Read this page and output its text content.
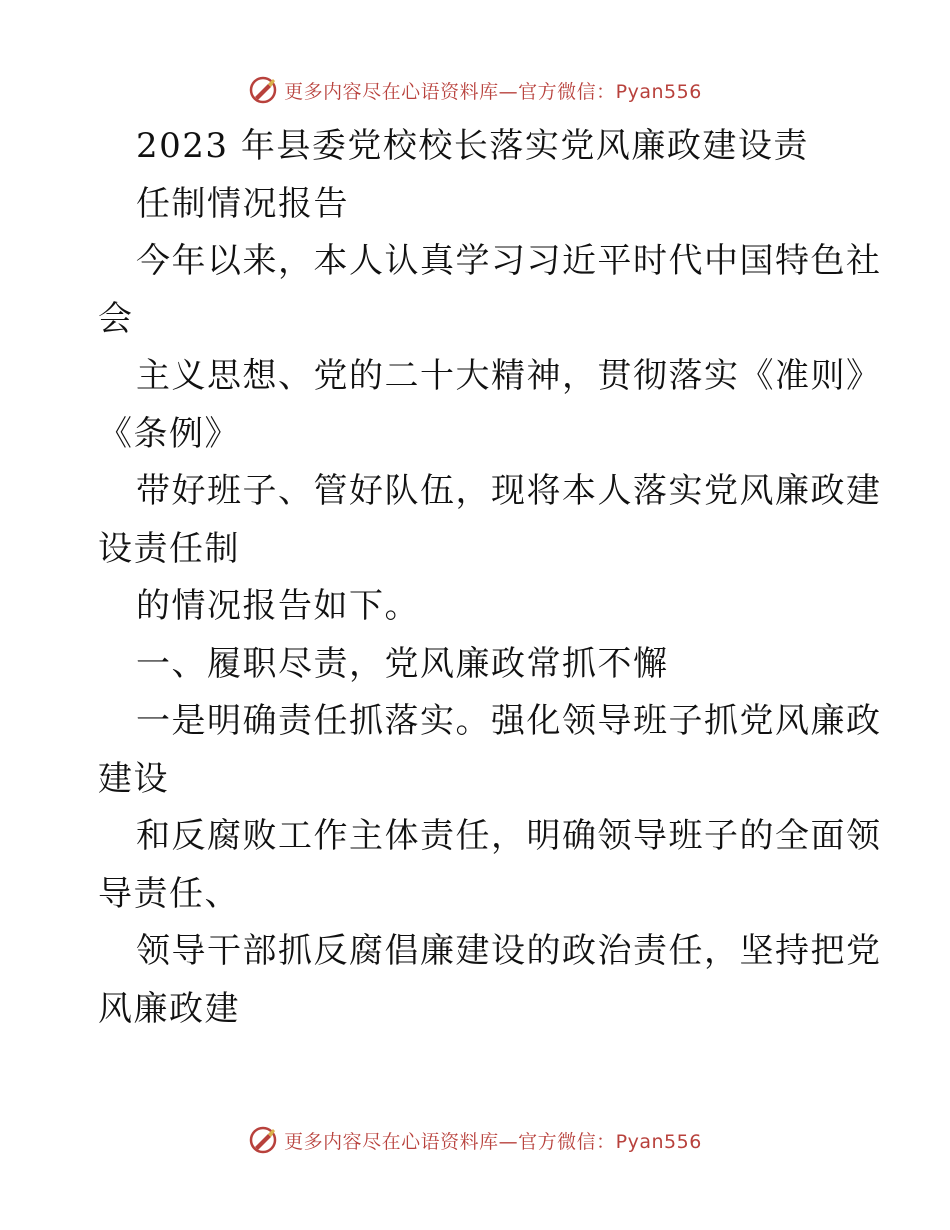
更多内容尽在心语资料库—官方微信：Pyan556
2023 年县委党校校长落实党风廉政建设责
任制情况报告
今年以来，本人认真学习习近平时代中国特色社
会
主义思想、党的二十大精神，贯彻落实《准则》
《条例》
带好班子、管好队伍，现将本人落实党风廉政建
设责任制
的情况报告如下。
一、履职尽责，党风廉政常抓不懈
一是明确责任抓落实。强化领导班子抓党风廉政
建设
和反腐败工作主体责任，明确领导班子的全面领
导责任、
领导干部抓反腐倡廉建设的政治责任，坚持把党
风廉政建
更多内容尽在心语资料库—官方微信：Pyan556
